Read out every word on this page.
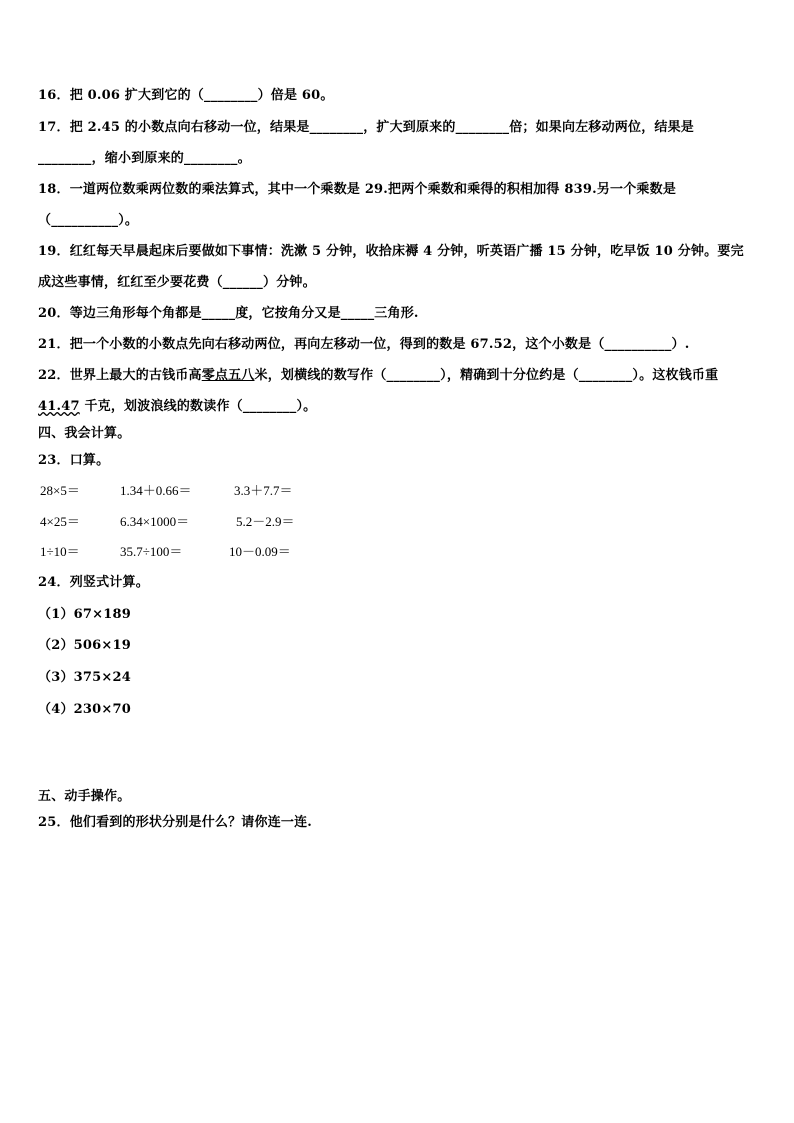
16．把 0.06 扩大到它的（________）倍是 60。
17．把 2.45 的小数点向右移动一位，结果是________，扩大到原来的________倍；如果向左移动两位，结果是
________，缩小到原来的________。
18．一道两位数乘两位数的乘法算式，其中一个乘数是 29.把两个乘数和乘得的积相加得 839.另一个乘数是
（__________）。
19．红红每天早晨起床后要做如下事情：洗漱 5 分钟，收拾床褥 4 分钟，听英语广播 15 分钟，吃早饭 10 分钟。要完
成这些事情，红红至少要花费（______）分钟。
20．等边三角形每个角都是_____度，它按角分又是_____三角形.
21．把一个小数的小数点先向右移动两位，再向左移动一位，得到的数是 67.52，这个小数是（__________）.
22．世界上最大的古钱币高零点五八米，划横线的数写作（________），精确到十分位约是（________）。这枚钱币重
41.47 千克，划波浪线的数读作（________）。
四、我会计算。
23．口算。
28×5＝	1.34＋0.66＝	3.3＋7.7＝
4×25＝	6.34×1000＝	5.2－2.9＝
1÷10＝	35.7÷100＝	10－0.09＝
24．列竖式计算。
（1）67×189
（2）506×19
（3）375×24
（4）230×70
五、动手操作。
25．他们看到的形状分别是什么？请你连一连.
